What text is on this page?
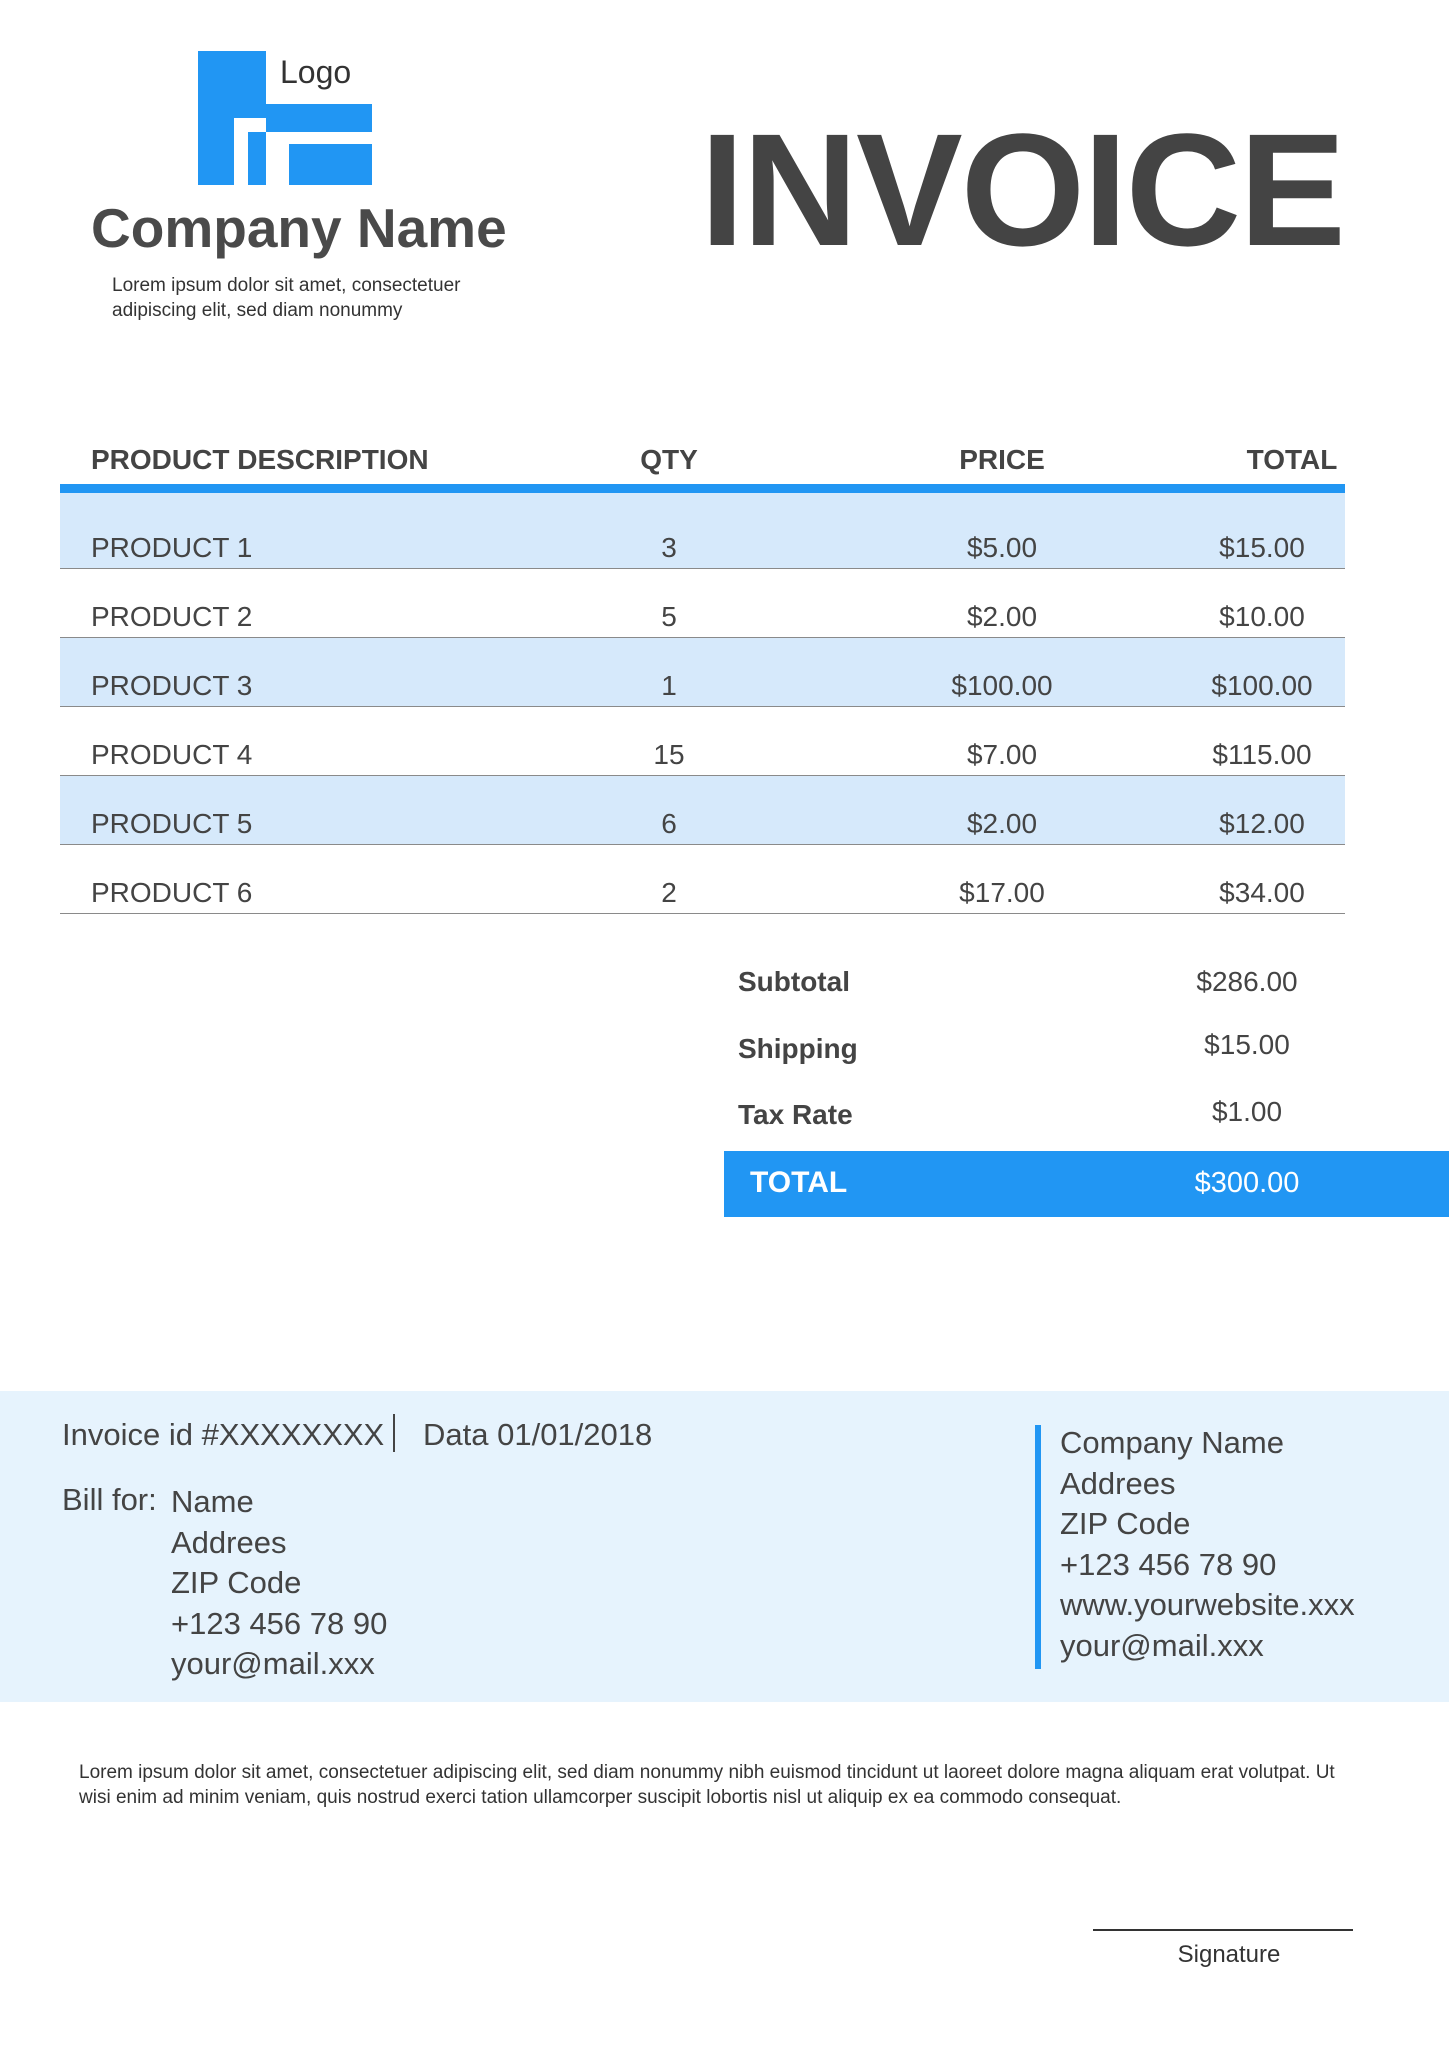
Logo
Company Name
Lorem ipsum dolor sit amet, consectetuer
adipiscing elit, sed diam nonummy
INVOICE
PRODUCT DESCRIPTION	QTY	PRICE	TOTAL
PRODUCT 1	3	$5.00	$15.00
PRODUCT 2	5	$2.00	$10.00
PRODUCT 3	1	$100.00	$100.00
PRODUCT 4	15	$7.00	$115.00
PRODUCT 5	6	$2.00	$12.00
PRODUCT 6	2	$17.00	$34.00
Subtotal	$286.00
Shipping	$15.00
Tax Rate	$1.00
TOTAL	$300.00
Invoice id #XXXXXXXX Data 01/01/2018
Bill for: Name
Addrees
ZIP Code
+123 456 78 90
your@mail.xxx
Company Name
Addrees
ZIP Code
+123 456 78 90
www.yourwebsite.xxx
your@mail.xxx
Lorem ipsum dolor sit amet, consectetuer adipiscing elit, sed diam nonummy nibh euismod tincidunt ut laoreet dolore magna aliquam erat volutpat. Ut
wisi enim ad minim veniam, quis nostrud exerci tation ullamcorper suscipit lobortis nisl ut aliquip ex ea commodo consequat.
Signature
